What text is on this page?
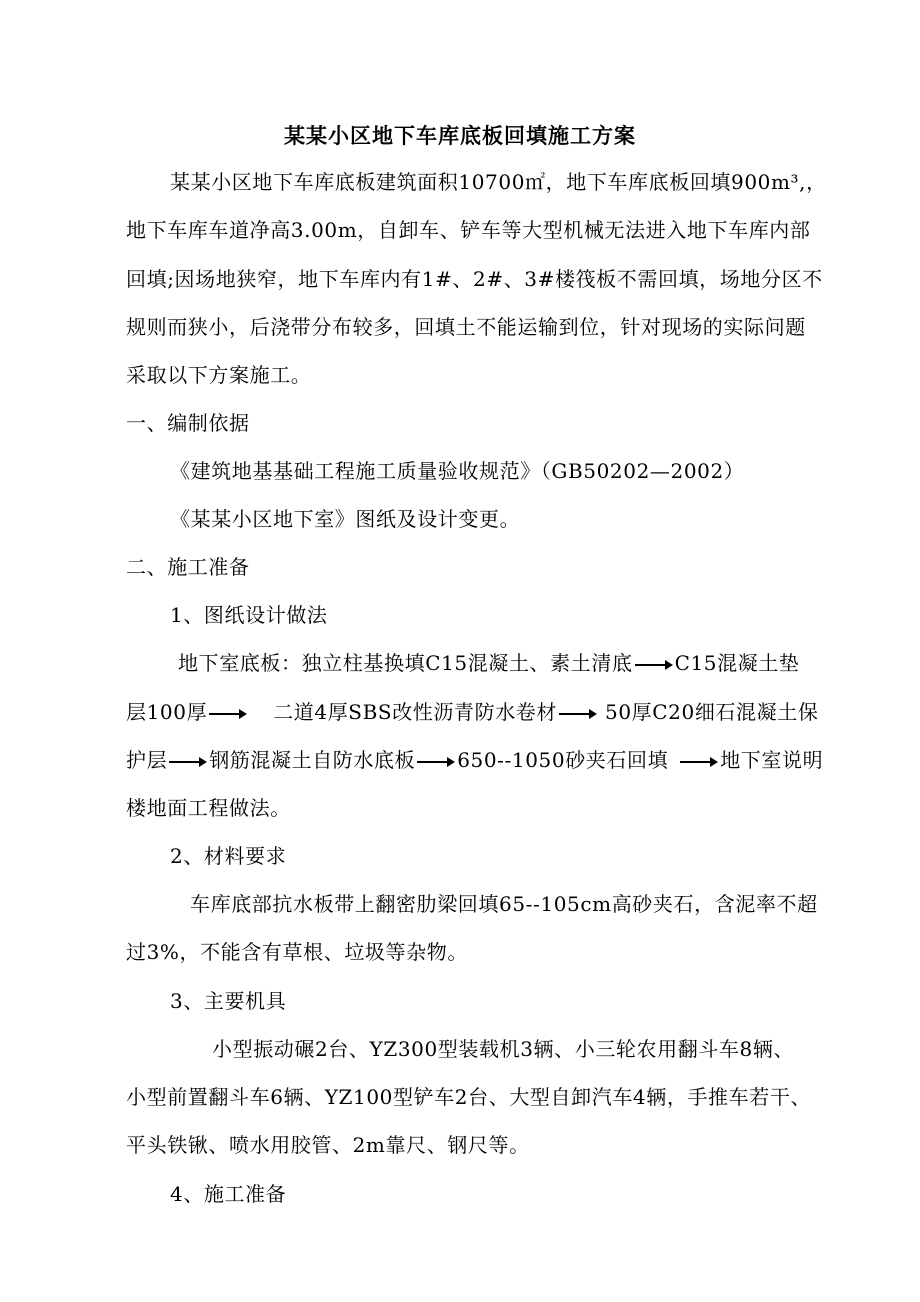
某某小区地下车库底板回填施工方案
某某小区地下车库底板建筑面积10700㎡，地下车库底板回填900m³,，
地下车库车道净高3.00m，自卸车、铲车等大型机械无法进入地下车库内部
回填;因场地狭窄，地下车库内有1#、2#、3#楼筏板不需回填，场地分区不
规则而狭小，后浇带分布较多，回填土不能运输到位，针对现场的实际问题
采取以下方案施工。
一、编制依据
《建筑地基基础工程施工质量验收规范》（GB50202—2002）
《某某小区地下室》图纸及设计变更。
二、施工准备
1、图纸设计做法
地下室底板：独立柱基换填C15混凝土、素土清底 C15混凝土垫
层100厚	二道4厚SBS改性沥青防水卷材 50厚C20细石混凝土保
护层 钢筋混凝土自防水底板 650--1050砂夹石回填	地下室说明
楼地面工程做法。
2、材料要求
车库底部抗水板带上翻密肋梁回填65--105cm高砂夹石，含泥率不超
过3%，不能含有草根、垃圾等杂物。
3、主要机具
小型振动碾2台、YZ300型装载机3辆、小三轮农用翻斗车8辆、
小型前置翻斗车6辆、YZ100型铲车2台、大型自卸汽车4辆，手推车若干、
平头铁锹、喷水用胶管、2m靠尺、钢尺等。
4、施工准备
